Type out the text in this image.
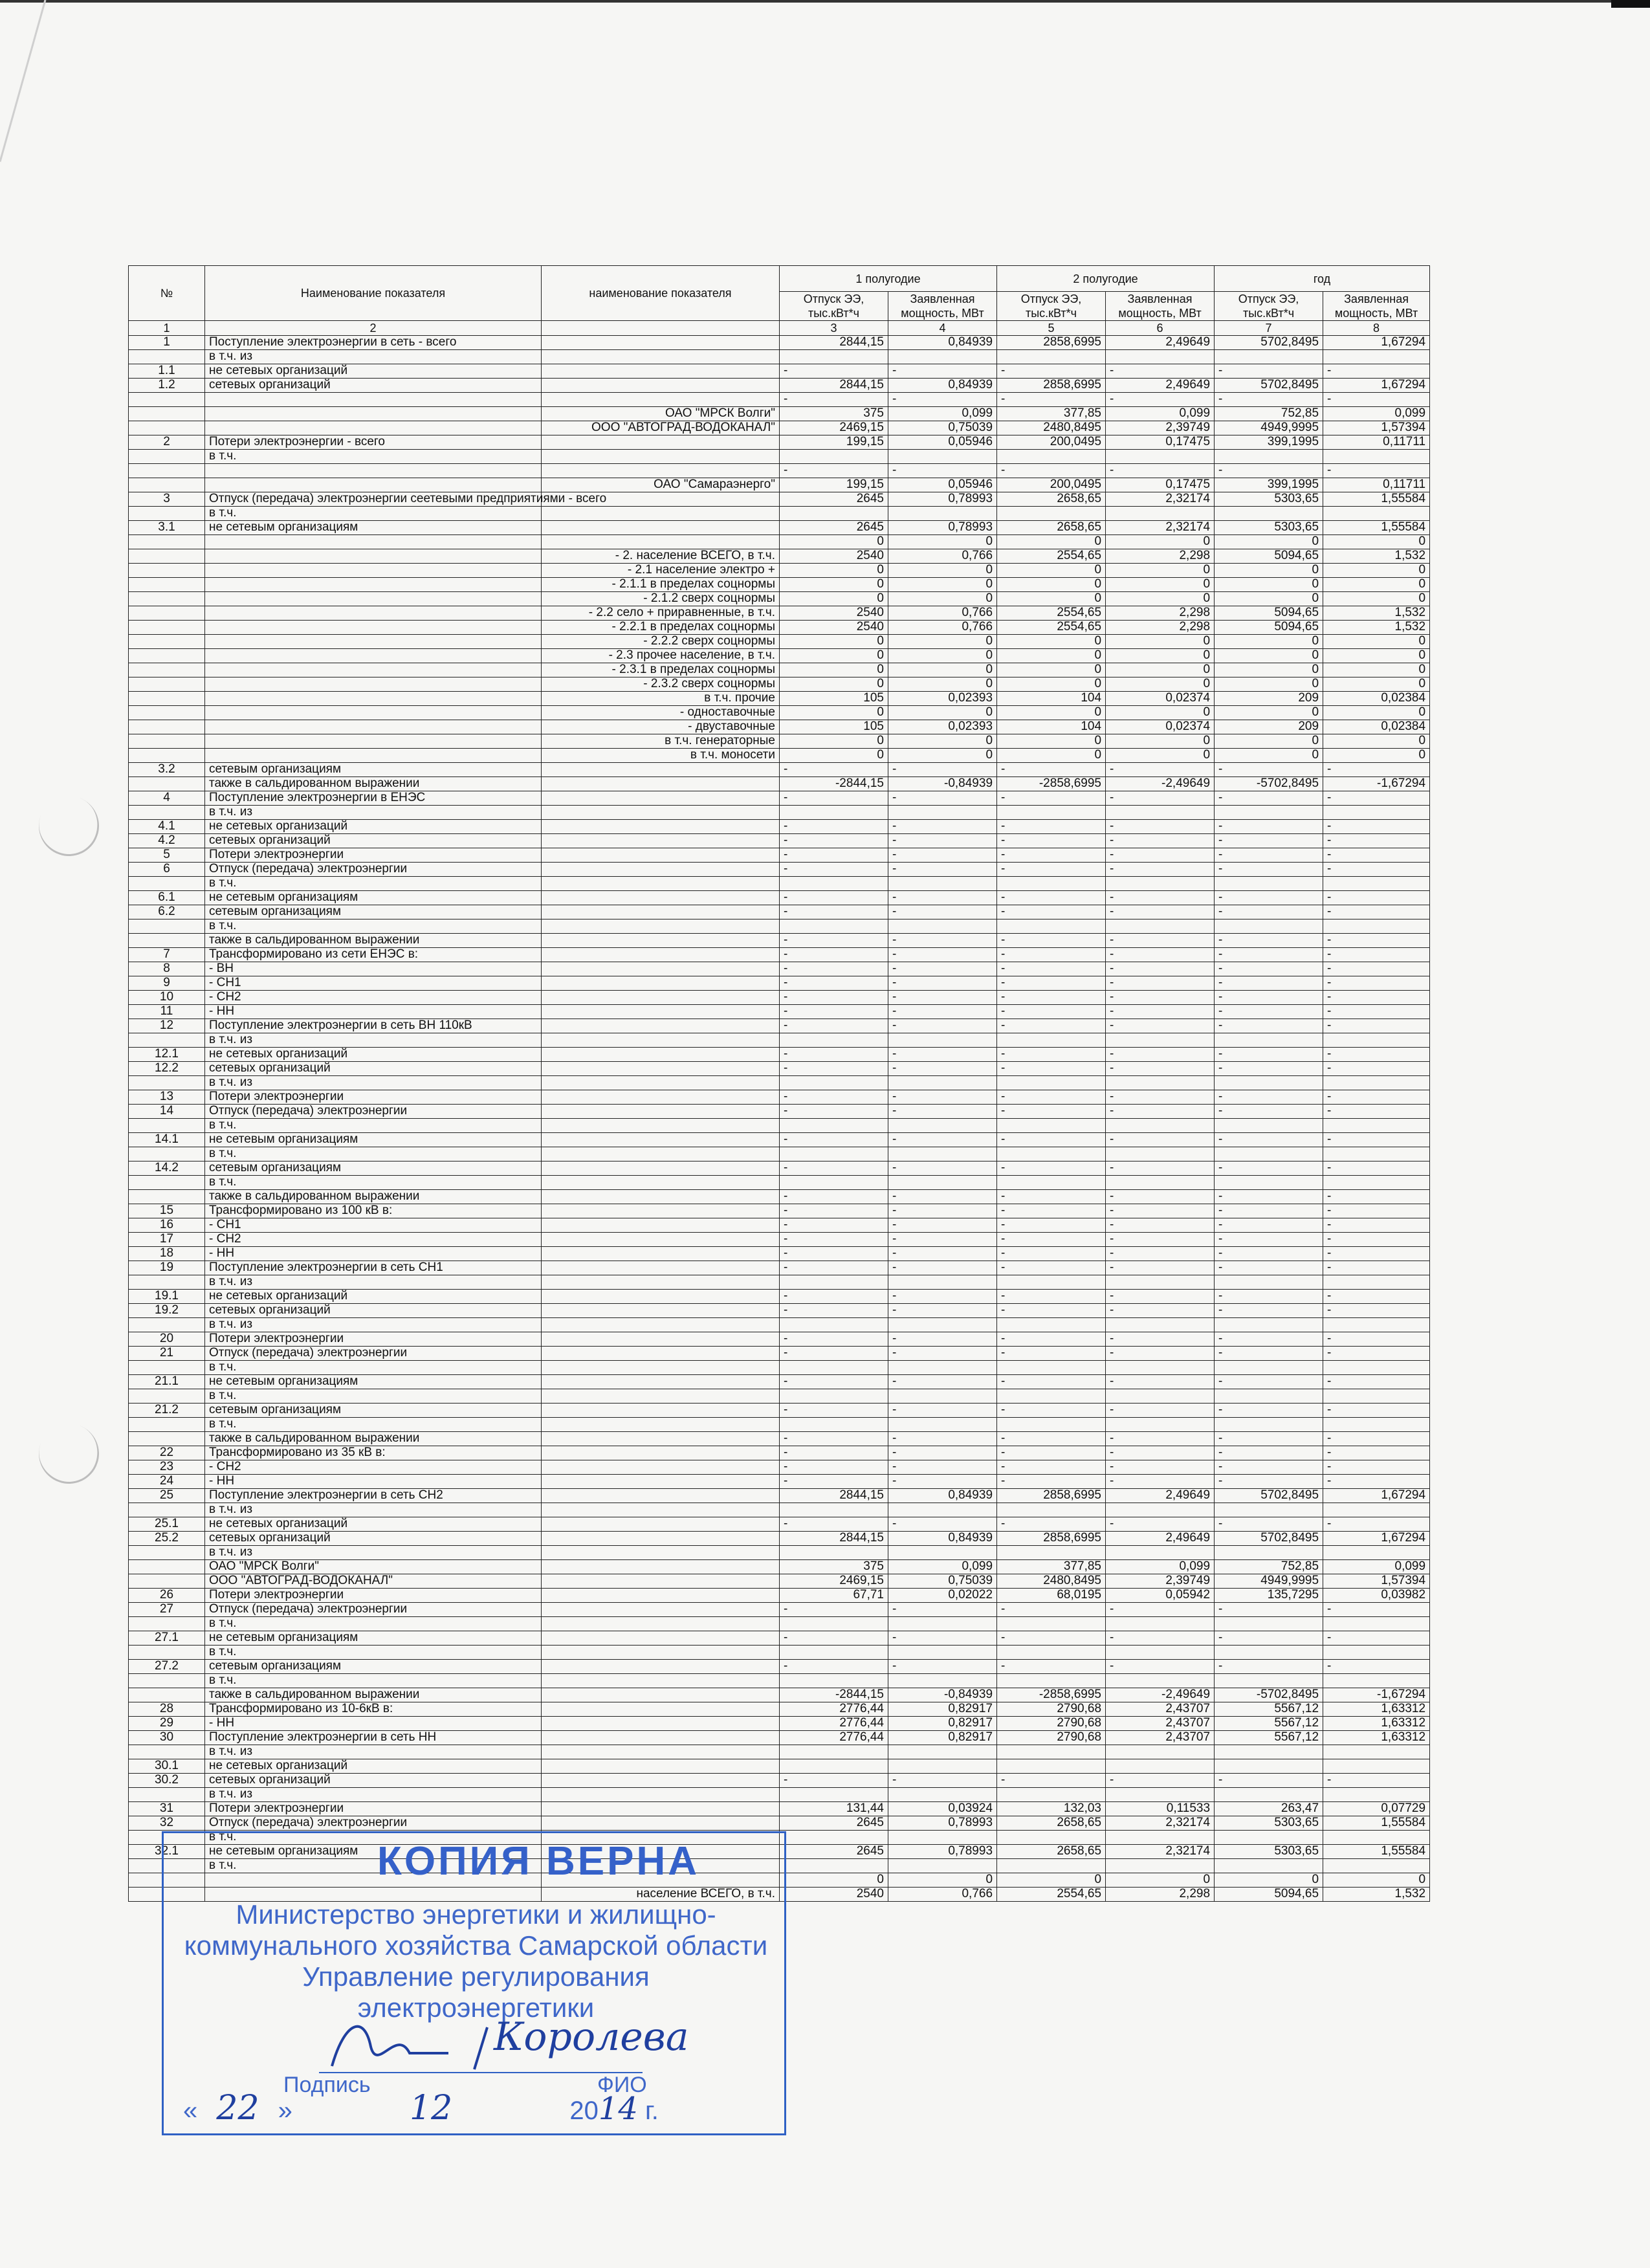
№	Наименование показателя	наименование показателя	1 полугодие		2 полугодие		год	
			Отпуск ЭЭ, тыс.кВт*ч	Заявленная мощность, МВт	Отпуск ЭЭ, тыс.кВт*ч	Заявленная мощность, МВт	Отпуск ЭЭ, тыс.кВт*ч	Заявленная мощность, МВт
1	2		3	4	5	6	7	8
1	Поступление электроэнергии в сеть - всего		2844,15	0,84939	2858,6995	2,49649	5702,8495	1,67294
	в т.ч. из							
1.1	не сетевых организаций		-	-	-	-	-	-
1.2	сетевых организаций		2844,15	0,84939	2858,6995	2,49649	5702,8495	1,67294
			-	-	-	-	-	-
		ОАО "МРСК Волги"	375	0,099	377,85	0,099	752,85	0,099
		ООО "АВТОГРАД-ВОДОКАНАЛ"	2469,15	0,75039	2480,8495	2,39749	4949,9995	1,57394
2	Потери электроэнергии - всего		199,15	0,05946	200,0495	0,17475	399,1995	0,11711
	в т.ч.							
			-	-	-	-	-	-
		ОАО "Самараэнерго"	199,15	0,05946	200,0495	0,17475	399,1995	0,11711
3	Отпуск (передача) электроэнергии сеетевыми предприятиями - всего		2645	0,78993	2658,65	2,32174	5303,65	1,55584
	в т.ч.							
3.1	не сетевым организациям		2645	0,78993	2658,65	2,32174	5303,65	1,55584
			0	0	0	0	0	0
		- 2. население ВСЕГО, в т.ч.	2540	0,766	2554,65	2,298	5094,65	1,532
		- 2.1 население электро +	0	0	0	0	0	0
		- 2.1.1 в пределах соцнормы	0	0	0	0	0	0
		- 2.1.2 сверх соцнормы	0	0	0	0	0	0
		- 2.2 село + приравненные, в т.ч.	2540	0,766	2554,65	2,298	5094,65	1,532
		- 2.2.1 в пределах соцнормы	2540	0,766	2554,65	2,298	5094,65	1,532
		- 2.2.2 сверх соцнормы	0	0	0	0	0	0
		- 2.3 прочее население, в т.ч.	0	0	0	0	0	0
		- 2.3.1 в пределах соцнормы	0	0	0	0	0	0
		- 2.3.2 сверх соцнормы	0	0	0	0	0	0
		в т.ч. прочие	105	0,02393	104	0,02374	209	0,02384
		- одноставочные	0	0	0	0	0	0
		- двуставочные	105	0,02393	104	0,02374	209	0,02384
		в т.ч. генераторные	0	0	0	0	0	0
		в т.ч. моносети	0	0	0	0	0	0
3.2	сетевым организациям		-	-	-	-	-	-
	также в сальдированном выражении		-2844,15	-0,84939	-2858,6995	-2,49649	-5702,8495	-1,67294
4	Поступление электроэнергии в ЕНЭС		-	-	-	-	-	-
	в т.ч. из							
4.1	не сетевых организаций		-	-	-	-	-	-
4.2	сетевых организаций		-	-	-	-	-	-
5	Потери электроэнергии		-	-	-	-	-	-
6	Отпуск (передача) электроэнергии		-	-	-	-	-	-
	в т.ч.							
6.1	не сетевым организациям		-	-	-	-	-	-
6.2	сетевым организациям		-	-	-	-	-	-
	в т.ч.							
	также в сальдированном выражении		-	-	-	-	-	-
7	Трансформировано из сети ЕНЭС в:		-	-	-	-	-	-
8	- ВН		-	-	-	-	-	-
9	- СН1		-	-	-	-	-	-
10	- СН2		-	-	-	-	-	-
11	- НН		-	-	-	-	-	-
12	Поступление электроэнергии в сеть ВН 110кВ		-	-	-	-	-	-
	в т.ч. из							
12.1	не сетевых организаций		-	-	-	-	-	-
12.2	сетевых организаций		-	-	-	-	-	-
	в т.ч. из							
13	Потери электроэнергии		-	-	-	-	-	-
14	Отпуск (передача) электроэнергии		-	-	-	-	-	-
	в т.ч.							
14.1	не сетевым организациям		-	-	-	-	-	-
	в т.ч.							
14.2	сетевым организациям		-	-	-	-	-	-
	в т.ч.							
	также в сальдированном выражении		-	-	-	-	-	-
15	Трансформировано из 100 кВ в:		-	-	-	-	-	-
16	- СН1		-	-	-	-	-	-
17	- СН2		-	-	-	-	-	-
18	- НН		-	-	-	-	-	-
19	Поступление электроэнергии в сеть СН1		-	-	-	-	-	-
	в т.ч. из							
19.1	не сетевых организаций		-	-	-	-	-	-
19.2	сетевых организаций		-	-	-	-	-	-
	в т.ч. из							
20	Потери электроэнергии		-	-	-	-	-	-
21	Отпуск (передача) электроэнергии		-	-	-	-	-	-
	в т.ч.							
21.1	не сетевым организациям		-	-	-	-	-	-
	в т.ч.							
21.2	сетевым организациям		-	-	-	-	-	-
	в т.ч.							
	также в сальдированном выражении		-	-	-	-	-	-
22	Трансформировано из 35 кВ в:		-	-	-	-	-	-
23	- СН2		-	-	-	-	-	-
24	- НН		-	-	-	-	-	-
25	Поступление электроэнергии в сеть СН2		2844,15	0,84939	2858,6995	2,49649	5702,8495	1,67294
	в т.ч. из							
25.1	не сетевых организаций		-	-	-	-	-	-
25.2	сетевых организаций		2844,15	0,84939	2858,6995	2,49649	5702,8495	1,67294
	в т.ч. из							
	ОАО "МРСК Волги"		375	0,099	377,85	0,099	752,85	0,099
	ООО "АВТОГРАД-ВОДОКАНАЛ"		2469,15	0,75039	2480,8495	2,39749	4949,9995	1,57394
26	Потери электроэнергии		67,71	0,02022	68,0195	0,05942	135,7295	0,03982
27	Отпуск (передача) электроэнергии		-	-	-	-	-	-
	в т.ч.							
27.1	не сетевым организациям		-	-	-	-	-	-
	в т.ч.							
27.2	сетевым организациям		-	-	-	-	-	-
	в т.ч.							
	также в сальдированном выражении		-2844,15	-0,84939	-2858,6995	-2,49649	-5702,8495	-1,67294
28	Трансформировано из 10-6кВ в:		2776,44	0,82917	2790,68	2,43707	5567,12	1,63312
29	- НН		2776,44	0,82917	2790,68	2,43707	5567,12	1,63312
30	Поступление электроэнергии в сеть НН		2776,44	0,82917	2790,68	2,43707	5567,12	1,63312
	в т.ч. из							
30.1	не сетевых организаций							
30.2	сетевых организаций		-	-	-	-	-	-
	в т.ч. из							
31	Потери электроэнергии		131,44	0,03924	132,03	0,11533	263,47	0,07729
32	Отпуск (передача) электроэнергии		2645	0,78993	2658,65	2,32174	5303,65	1,55584
	в т.ч.							
32.1	не сетевым организациям		2645	0,78993	2658,65	2,32174	5303,65	1,55584
	в т.ч.							
			0	0	0	0	0	0
		население ВСЕГО, в т.ч.	2540	0,766	2554,65	2,298	5094,65	1,532
КОПИЯ ВЕРНА
Министерство энергетики и жилищно-
коммунального хозяйства Самарской области
Управление регулирования
электроэнергетики
Королева
Подпись	ФИО
« 22 »	12	2014 г.
